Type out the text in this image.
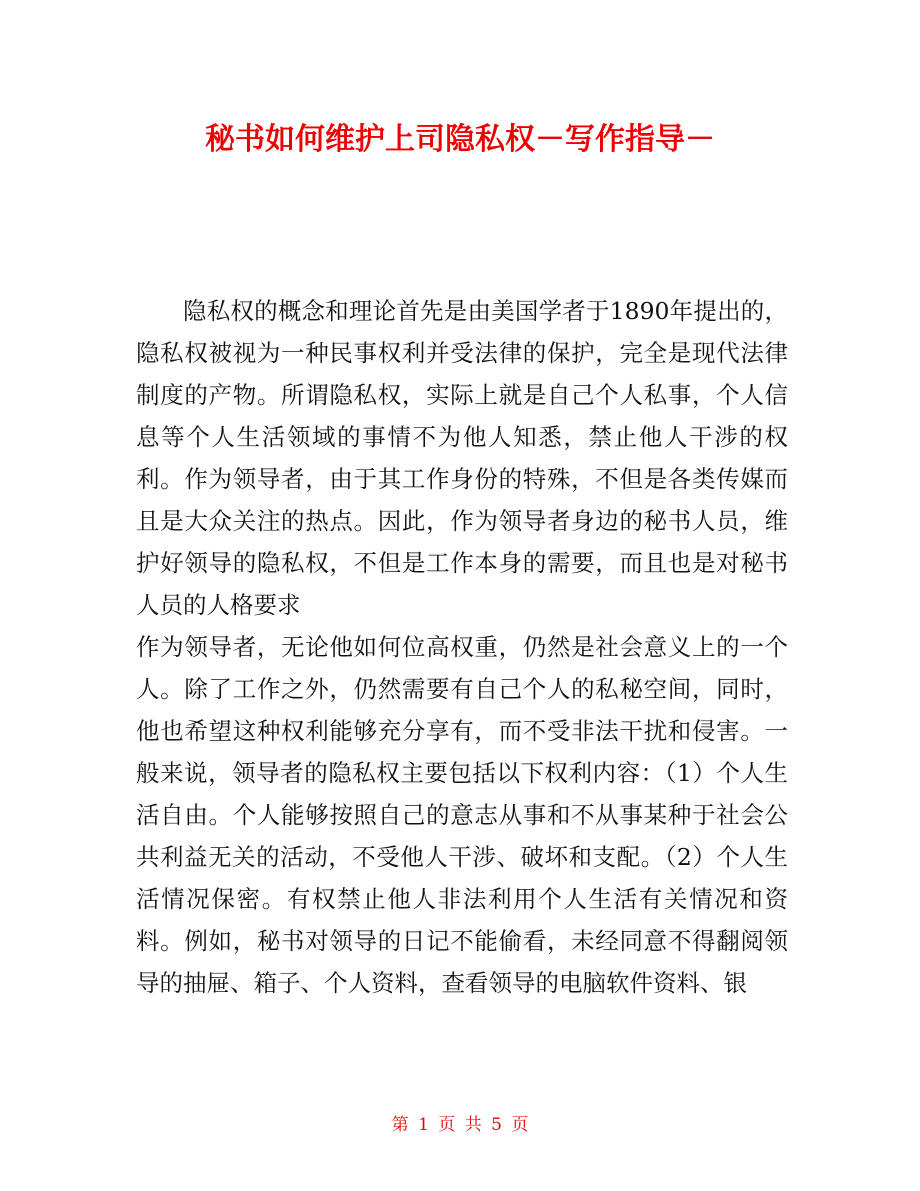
秘书如何维护上司隐私权－写作指导－

隐私权的概念和理论首先是由美国学者于1890年提出的，隐私权被视为一种民事权利并受法律的保护，完全是现代法律制度的产物。所谓隐私权，实际上就是自己个人私事，个人信息等个人生活领域的事情不为他人知悉，禁止他人干涉的权利。作为领导者，由于其工作身份的特殊，不但是各类传媒而且是大众关注的热点。因此，作为领导者身边的秘书人员，维护好领导的隐私权，不但是工作本身的需要，而且也是对秘书人员的人格要求

作为领导者，无论他如何位高权重，仍然是社会意义上的一个人。除了工作之外，仍然需要有自己个人的私秘空间，同时，他也希望这种权利能够充分享有，而不受非法干扰和侵害。一般来说，领导者的隐私权主要包括以下权利内容：（1）个人生活自由。个人能够按照自己的意志从事和不从事某种于社会公共利益无关的活动，不受他人干涉、破坏和支配。（2）个人生活情况保密。有权禁止他人非法利用个人生活有关情况和资料。例如，秘书对领导的日记不能偷看，未经同意不得翻阅领导的抽屉、箱子、个人资料，查看领导的电脑软件资料、银

第 1 页 共 5 页
